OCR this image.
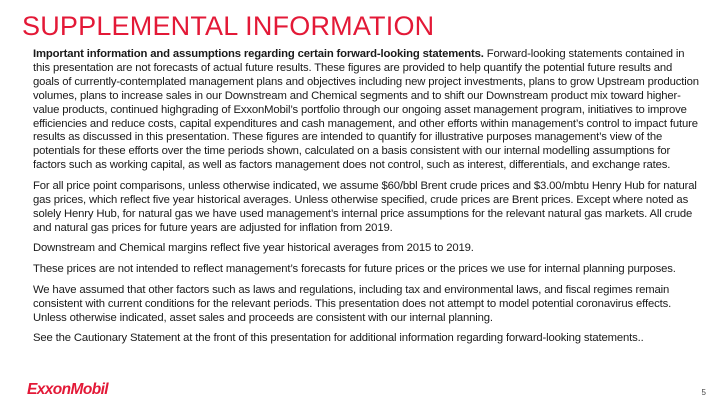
SUPPLEMENTAL INFORMATION

Important information and assumptions regarding certain forward-looking statements. Forward-looking statements contained in this presentation are not forecasts of actual future results. These figures are provided to help quantify the potential future results and goals of currently-contemplated management plans and objectives including new project investments, plans to grow Upstream production volumes, plans to increase sales in our Downstream and Chemical segments and to shift our Downstream product mix toward higher-value products, continued highgrading of ExxonMobil’s portfolio through our ongoing asset management program, initiatives to improve efficiencies and reduce costs, capital expenditures and cash management, and other efforts within management’s control to impact future results as discussed in this presentation. These figures are intended to quantify for illustrative purposes management’s view of the potentials for these efforts over the time periods shown, calculated on a basis consistent with our internal modelling assumptions for factors such as working capital, as well as factors management does not control, such as interest, differentials, and exchange rates.

For all price point comparisons, unless otherwise indicated, we assume $60/bbl Brent crude prices and $3.00/mbtu Henry Hub for natural gas prices, which reflect five year historical averages. Unless otherwise specified, crude prices are Brent prices. Except where noted as solely Henry Hub, for natural gas we have used management’s internal price assumptions for the relevant natural gas markets. All crude and natural gas prices for future years are adjusted for inflation from 2019.

Downstream and Chemical margins reflect five year historical averages from 2015 to 2019.

These prices are not intended to reflect management’s forecasts for future prices or the prices we use for internal planning purposes.

We have assumed that other factors such as laws and regulations, including tax and environmental laws, and fiscal regimes remain consistent with current conditions for the relevant periods. This presentation does not attempt to model potential coronavirus effects. Unless otherwise indicated, asset sales and proceeds are consistent with our internal planning.

See the Cautionary Statement at the front of this presentation for additional information regarding forward-looking statements..

ExxonMobil	5
